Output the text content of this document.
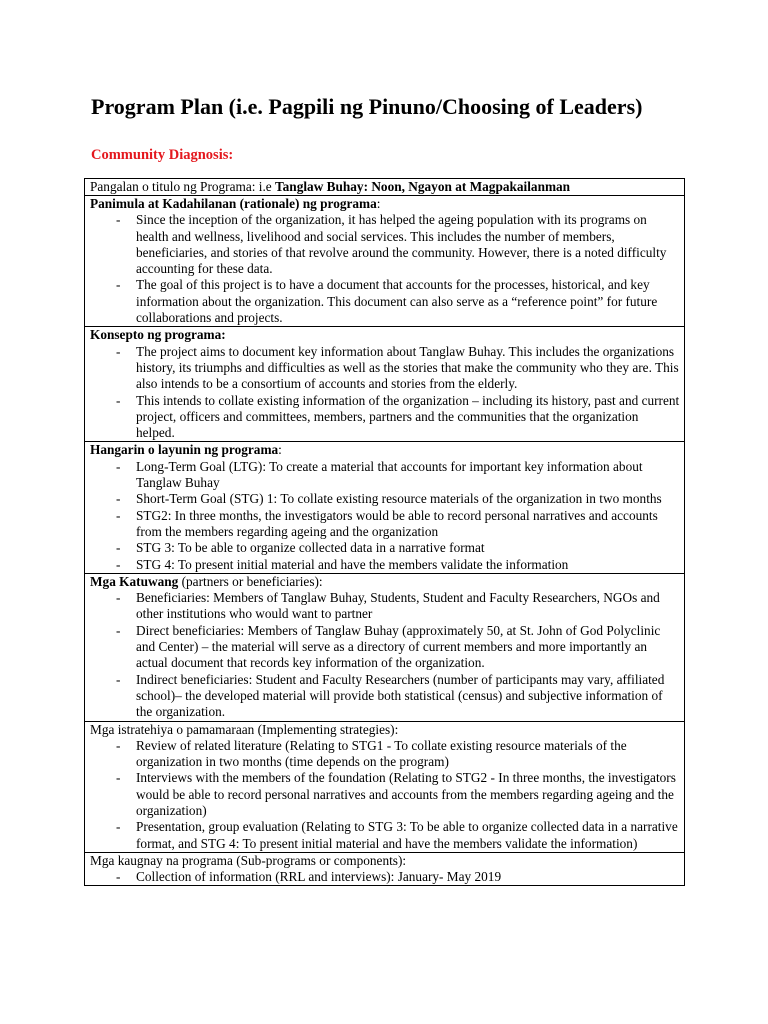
Program Plan (i.e. Pagpili ng Pinuno/Choosing of Leaders)
Community Diagnosis:
Pangalan o titulo ng Programa: i.e Tanglaw Buhay: Noon, Ngayon at Magpakailanman

Panimula at Kadahilanan (rationale) ng programa:
- Since the inception of the organization, it has helped the ageing population with its programs on health and wellness, livelihood and social services. This includes the number of members, beneficiaries, and stories of that revolve around the community. However, there is a noted difficulty accounting for these data.
- The goal of this project is to have a document that accounts for the processes, historical, and key information about the organization. This document can also serve as a “reference point” for future collaborations and projects.

Konsepto ng programa:
- The project aims to document key information about Tanglaw Buhay. This includes the organizations history, its triumphs and difficulties as well as the stories that make the community who they are. This also intends to be a consortium of accounts and stories from the elderly.
- This intends to collate existing information of the organization – including its history, past and current project, officers and committees, members, partners and the communities that the organization helped.

Hangarin o layunin ng programa:
- Long-Term Goal (LTG): To create a material that accounts for important key information about Tanglaw Buhay
- Short-Term Goal (STG) 1: To collate existing resource materials of the organization in two months
- STG2: In three months, the investigators would be able to record personal narratives and accounts from the members regarding ageing and the organization
- STG 3: To be able to organize collected data in a narrative format
- STG 4: To present initial material and have the members validate the information

Mga Katuwang (partners or beneficiaries):
- Beneficiaries: Members of Tanglaw Buhay, Students, Student and Faculty Researchers, NGOs and other institutions who would want to partner
- Direct beneficiaries: Members of Tanglaw Buhay (approximately 50, at St. John of God Polyclinic and Center) – the material will serve as a directory of current members and more importantly an actual document that records key information of the organization.
- Indirect beneficiaries: Student and Faculty Researchers (number of participants may vary, affiliated school)– the developed material will provide both statistical (census) and subjective information of the organization.

Mga istratehiya o pamamaraan (Implementing strategies):
- Review of related literature (Relating to STG1 - To collate existing resource materials of the organization in two months (time depends on the program)
- Interviews with the members of the foundation (Relating to STG2 - In three months, the investigators would be able to record personal narratives and accounts from the members regarding ageing and the organization)
- Presentation, group evaluation (Relating to STG 3: To be able to organize collected data in a narrative format, and STG 4: To present initial material and have the members validate the information)

Mga kaugnay na programa (Sub-programs or components):
- Collection of information (RRL and interviews): January- May 2019
